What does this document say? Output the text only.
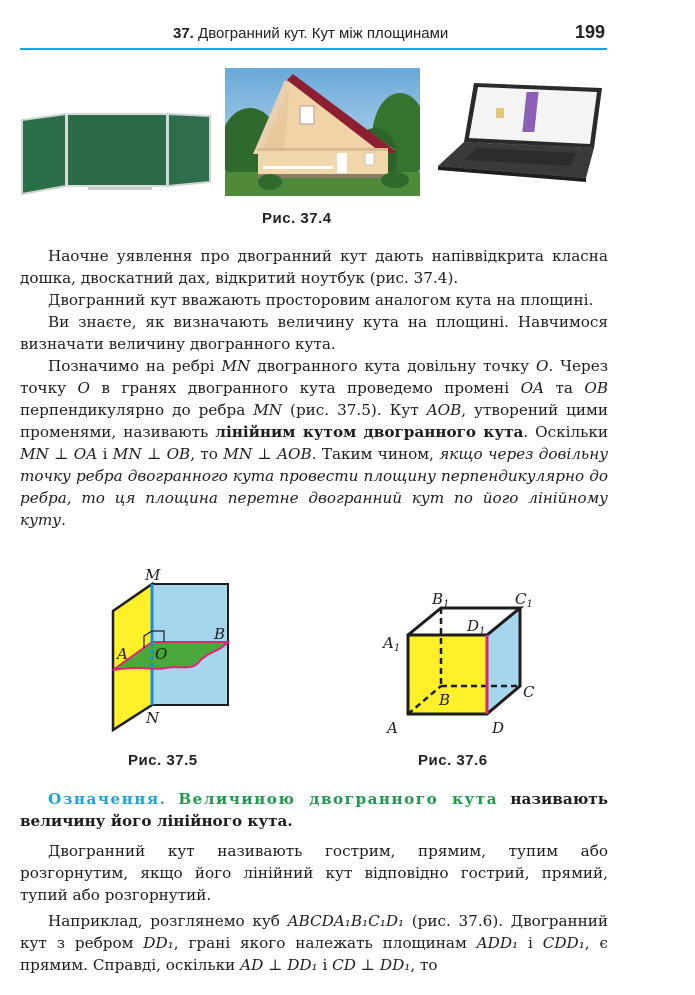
37. Двогранний кут. Кут між площинами	199
Рис. 37.4

Наочне уявлення про двогранний кут дають напіввідкрита класна дошка, двоскатний дах, відкритий ноутбук (рис. 37.4).

Двогранний кут вважають просторовим аналогом кута на площині.

Ви знаєте, як визначають величину кута на площині. Навчимося визначати величину двогранного кута.

Позначимо на ребрі MN двогранного кута довільну точку O. Через точку O в гранях двогранного кута проведемо промені OA та OB перпендикулярно до ребра MN (рис. 37.5). Кут AOB, утворений цими променями, називають лінійним кутом двогранного кута. Оскільки MN ⊥ OA і MN ⊥ OB, то MN ⊥ AOB. Таким чином, якщо через довільну точку ребра двогранного кута провести площину перпендикулярно до ребра, то ця площина перетне двогранний кут по його лінійному куту.

M
N
A O
B
Рис. 37.5
$B_1$	$C_1$
$D_1$
$A_1$
C
B
A	D
Рис. 37.6

Означення. Величиною двогранного кута називають величину його лінійного кута.

Двогранний кут називають гострим, прямим, тупим або розгорнутим, якщо його лінійний кут відповідно гострий, прямий, тупий або розгорнутий.

Наприклад, розглянемо куб ABCDA₁B₁C₁D₁ (рис. 37.6). Двогранний кут з ребром DD₁, грані якого належать площинам ADD₁ і CDD₁, є прямим. Справді, оскільки AD ⊥ DD₁ і CD ⊥ DD₁, то
